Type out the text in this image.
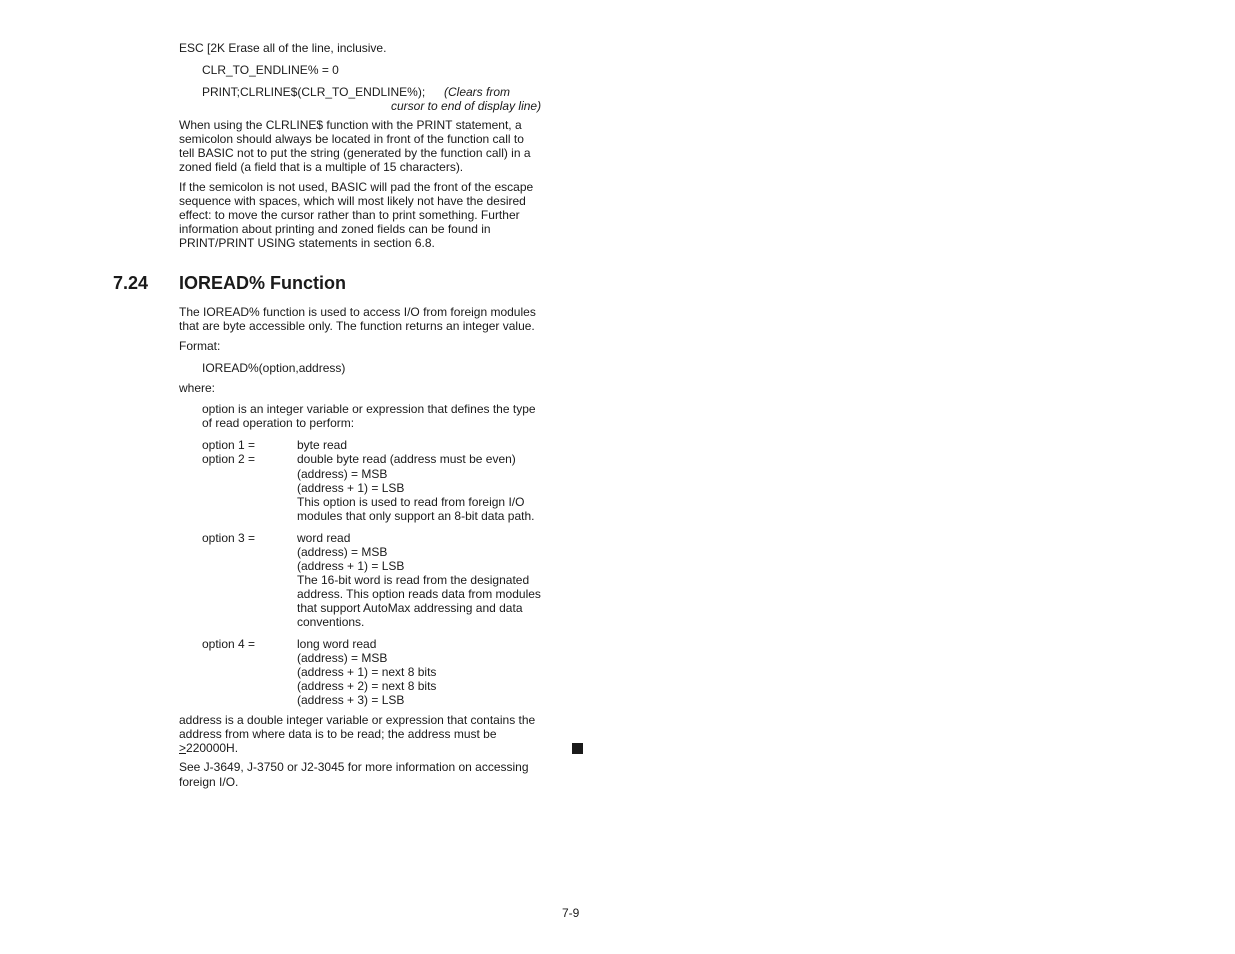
ESC [2K Erase all of the line, inclusive.
CLR_TO_ENDLINE% = 0
PRINT;CLRLINE$(CLR_TO_ENDLINE%); (Clears from
cursor to end of display line)
When using the CLRLINE$ function with the PRINT statement, a
semicolon should always be located in front of the function call to
tell BASIC not to put the string (generated by the function call) in a
zoned field (a field that is a multiple of 15 characters).
If the semicolon is not used, BASIC will pad the front of the escape
sequence with spaces, which will most likely not have the desired
effect: to move the cursor rather than to print something. Further
information about printing and zoned fields can be found in
PRINT/PRINT USING statements in section 6.8.
7.24 IOREAD% Function
The IOREAD% function is used to access I/O from foreign modules
that are byte accessible only. The function returns an integer value.
Format:
IOREAD%(option,address)
where:
option is an integer variable or expression that defines the type
of read operation to perform:
option 1 =	byte read
option 2 =	double byte read (address must be even)
(address) = MSB
(address + 1) = LSB
This option is used to read from foreign I/O
modules that only support an 8-bit data path.
option 3 =	word read
(address) = MSB
(address + 1) = LSB
The 16-bit word is read from the designated
address. This option reads data from modules
that support AutoMax addressing and data
conventions.
option 4 =	long word read
(address) = MSB
(address + 1) = next 8 bits
(address + 2) = next 8 bits
(address + 3) = LSB
address is a double integer variable or expression that contains the
address from where data is to be read; the address must be
≥220000H.
See J-3649, J-3750 or J2-3045 for more information on accessing
foreign I/O.
7-9
